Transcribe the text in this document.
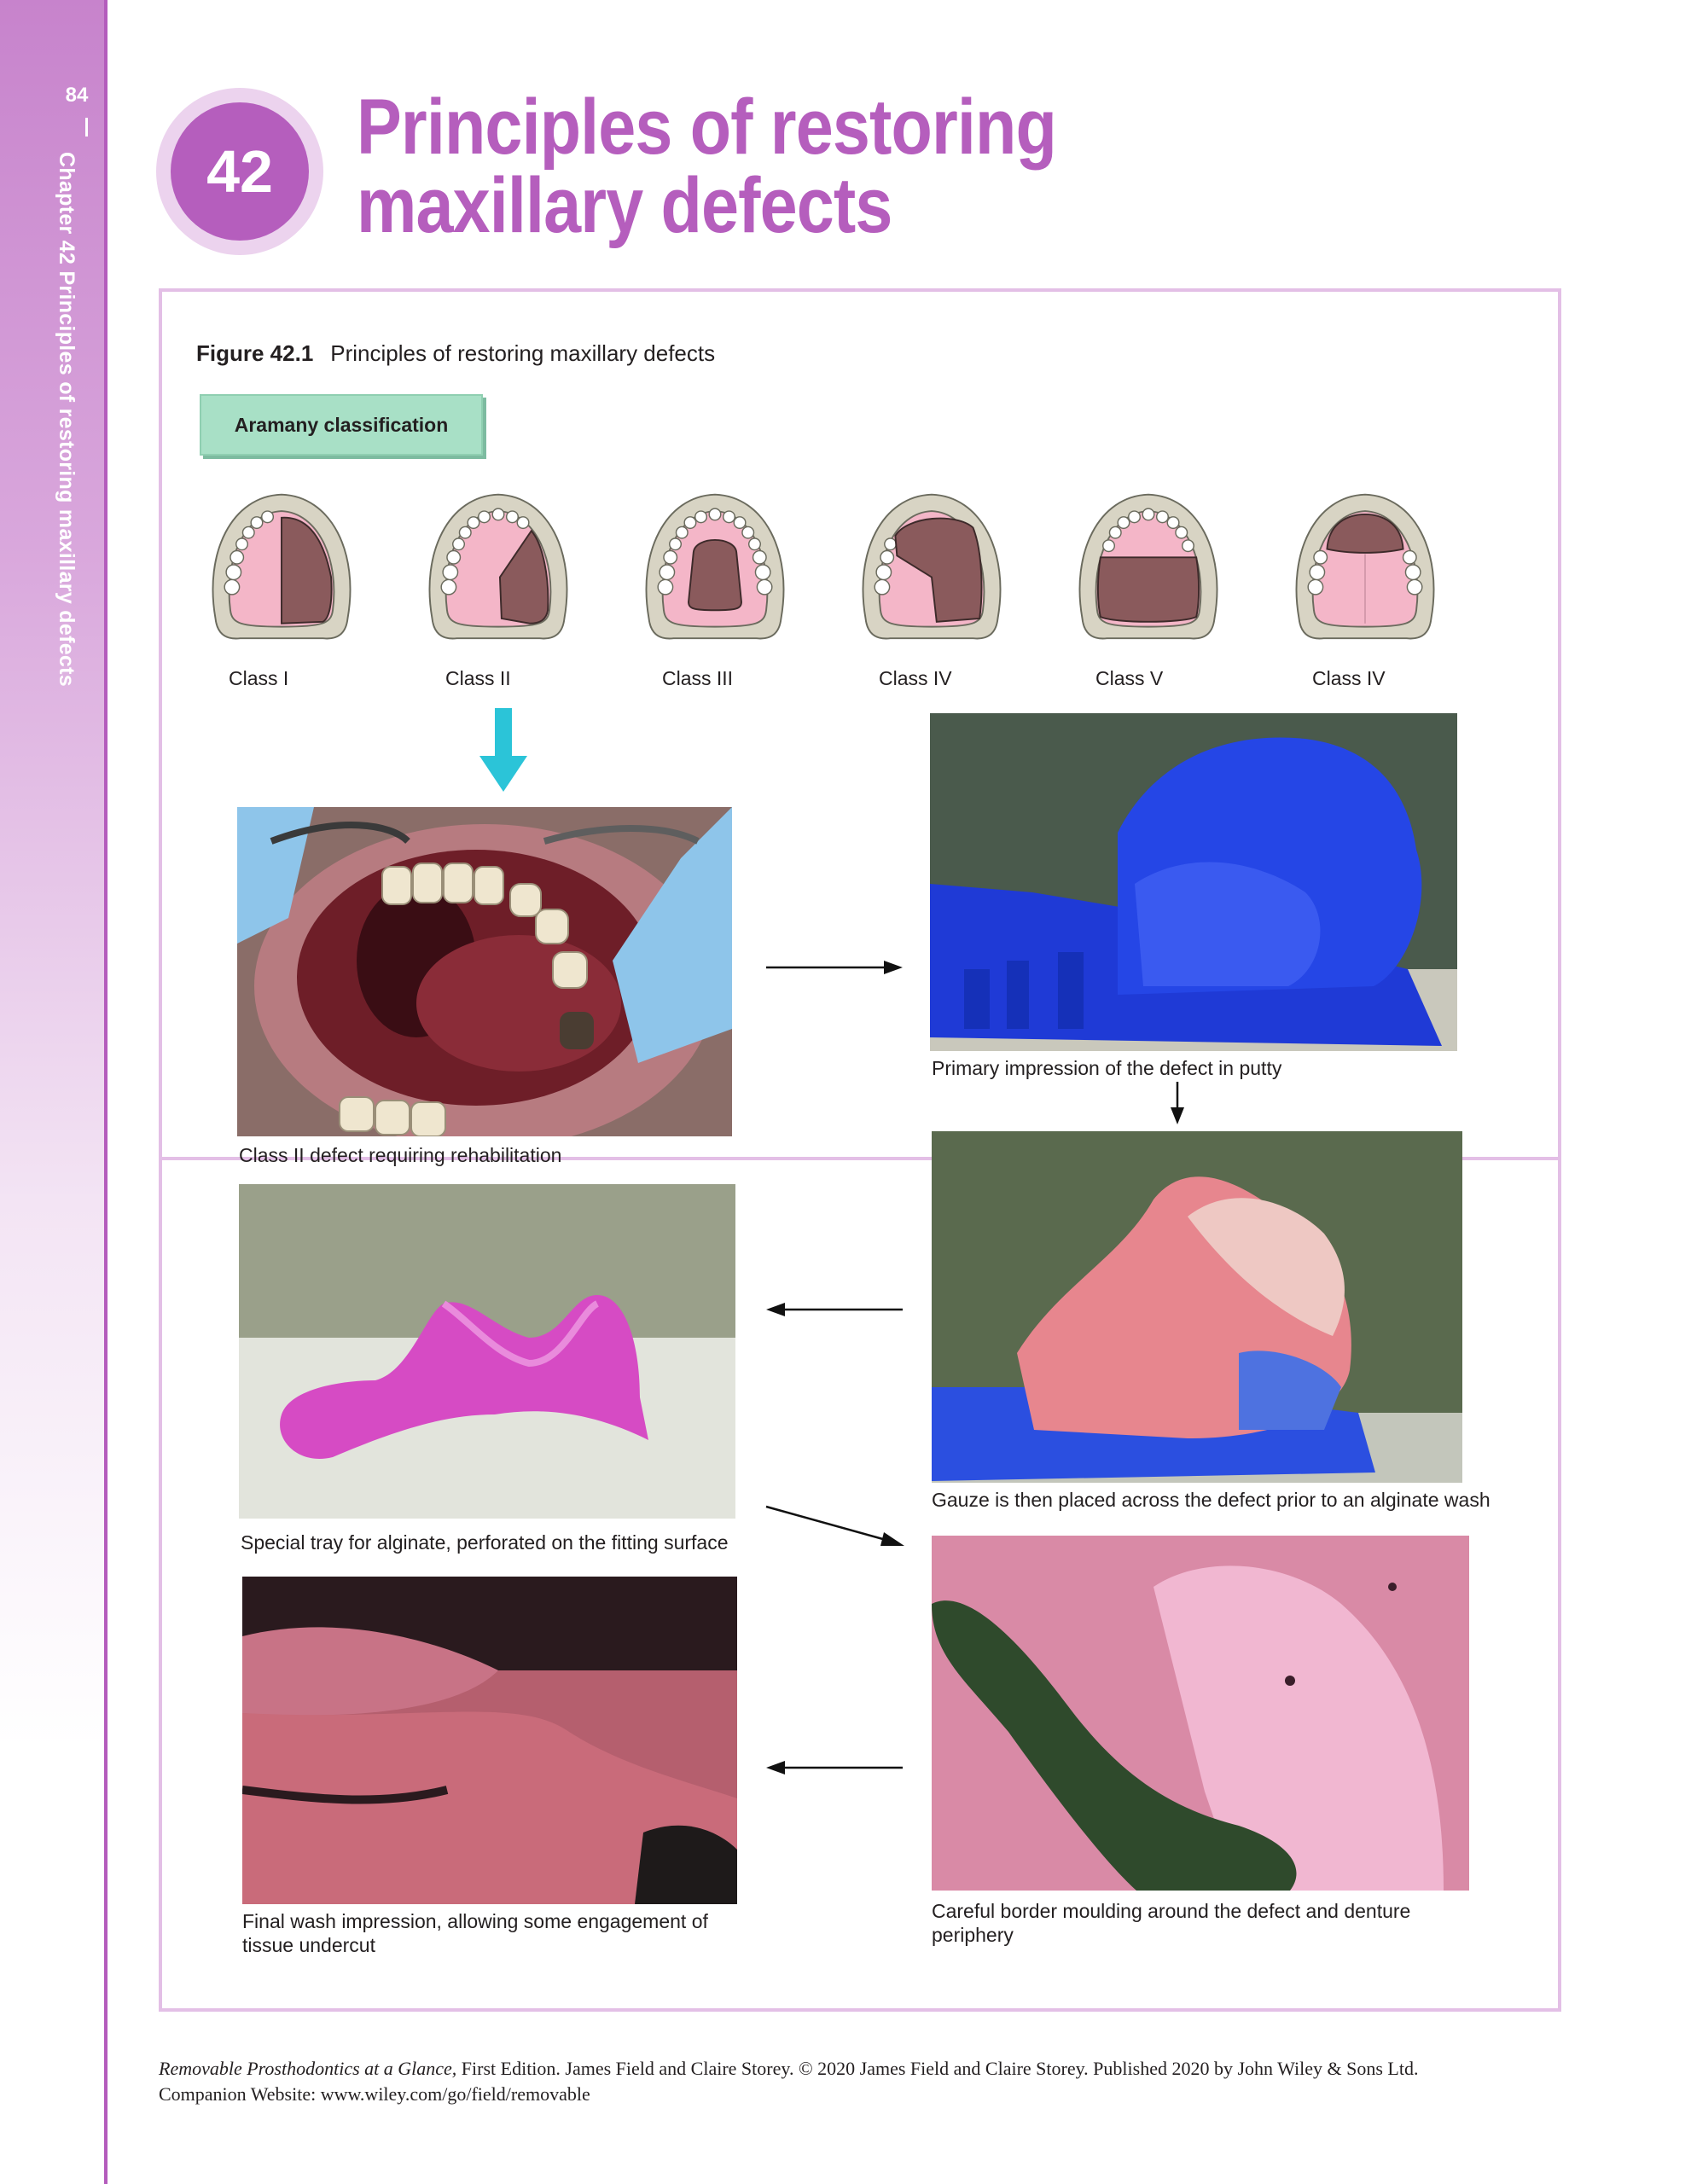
84
Chapter 42 Principles of restoring maxillary defects	42
Principles of restoring maxillary defects
Figure 42.1 Principles of restoring maxillary defects
Aramany classification
Class I	Class II	Class III	Class IV	Class V	Class IV
Class II defect requiring rehabilitation
Primary impression of the defect in putty
Gauze is then placed across the defect prior to an alginate wash
Special tray for alginate, perforated on the fitting surface
Careful border moulding around the defect and denture periphery
Final wash impression, allowing some engagement of tissue undercut
Removable Prosthodontics at a Glance, First Edition. James Field and Claire Storey. © 2020 James Field and Claire Storey. Published 2020 by John Wiley & Sons Ltd.
Companion Website: www.wiley.com/go/field/removable
